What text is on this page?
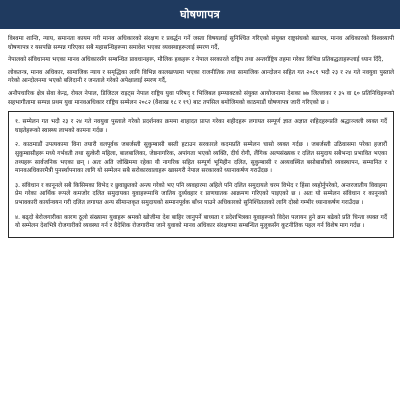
घोषणापत्र

विश्वमा शान्ति, न्याय, समानता कायम गरी मानव अधिकारको संरक्षण र प्रवर्द्धन गर्ने जस्ता विषयलाई सुनिश्चित गरिएको संयुक्त राष्ट्रसंघको बडापत्र, मानव अधिकारको विश्वव्यापी घोषणापत्र र यसपछि सम्पन्न गरिएका सबै महासन्धिहरूमा समावेश भएका व्यवस्थाहरूलाई स्मरण गर्दै,

नेपालको संविधानमा भएका मानव अधिकारसँग सम्बन्धित प्रावधानहरू, मौलिक हकहरू र नेपाल सरकारले राष्ट्रिय तथा अन्तर्राष्ट्रिय तहमा गरेका विभिन्न प्रतिबद्धताहरूलाई ध्यान दिँदै,

लोकतन्त्र, मानव अधिकार, सामाजिक न्याय र समृद्धिका लागि विभिन्न कालखण्डमा भएका राजनीतिक तथा सामाजिक आन्दोलन सहित गत २०८१ भदौ २३ र २४ गते नवयुवा पुस्ताले गरेको आन्दोलनमा भएको बलिदानी र जनताले गरेको अपेक्षालाई स्मरण गर्दै,

अनौपचारिक क्षेत्र सेवा केन्द्र, रोयल नेपाल, डिजिटल राइट्स नेपाल राष्ट्रिय युवा परिषद् र भिजिबल इम्प्याक्टको संयुक्त आयोजनामा देशका ७७ जिल्लाका र ३५ वा ६० प्रतिनिधिहरूको सहभागीतामा सम्पन्न प्रथम युवा मानवअधिकार राष्ट्रिय सम्मेलन २०८२ (वैशाख १८ र १९) बाट तपसिल बमोजिमको काठमाडौं घोषणापत्र जारी गरिएको छ ।

१. सम्मेलन गत भदौ २३ र २४ गते नवयुवा पुस्ताले गरेको प्रदर्शनका क्रममा शाहादत प्राप्त गरेका शहीदहरू लगायत सम्पूर्ण ज्ञात अज्ञात शहिदहरूप्रति श्रद्धाञ्जली व्यक्त गर्दै घाइतेहरूको स्वास्थ्य लाभको कामना गर्दछ ।

२. काठमाडौं उपत्यकामा विना तयारी वलपूर्वक जबर्जस्ती सुकुम्बासी बस्ती हटाउन सरकारले कदमप्रति सम्मेलन चासो व्यक्त गर्दछ । जबर्जस्ती उठिवासमा परेका हजारौं सुकुम्बासीहरू मध्ये गर्भवती तथा सुत्केरी महिला, बालबालिका, जेष्ठनागरिक, अपांगता भएको व्यक्ति, दीर्घ रोगी, लैंगिक अल्पसंख्यक र दलित समुदाय सबैभन्दा प्रभावित भएका तथ्यहरू सार्वजनिक भएका छन् । अतः अति जोखिममा रहेका यी नागरिक सहित सम्पूर्ण भूमिहीन दलित, सुकुम्बासी र अव्यवस्थित बसोबासीको व्यवस्थापन, सम्मानित र मानवअधिकारमैत्री पुनर्स्थापनाका लागि यो सम्मेलन सबै सरोकारवालाहरू खासगरी नेपाल सरकारको ध्यानाकर्षण गराउँदछ ।

३. संविधान र कानूनले सबै किसिमका विभेद र छुवाछुतको अन्त्य गरेको भए पनि व्यवहारमा अहिले पनि दलित समुदायले चरम विभेद र हिंसा व्यहोर्नुपरेको, अन्तरजातीय विवाहमा प्रेम गरेका आर्थिक रूपले कमजोर दलित समुदायका युवाहरूमाथि जातिय दुर्व्यवहार र प्राणघातक आक्रमण गरिएको पाइएको छ । अतः यो सम्मेलन संविधान र कानूनको प्रभावकारी कार्यान्वयन गरी दलित लगायत अन्य सीमान्तकृत समुदायको सम्मानपूर्वक बाँच्न पाउने अधिकारको सुनिश्चितताको लागि दोस्रो गम्भीर ध्यानाकर्षण गराउँदछ ।

४. बढ्दो बेरोजगारीका कारण ठूलो संख्यामा युवाहरू श्रमको खोजीमा देश बाहिर जानुपर्ने बाध्यता र प्रदेशभित्रका युवाहरूको विदेश पलायन हुने क्रम बढेको प्रति चिन्ता व्यक्त गर्दै यो सम्मेलन देशभित्रै रोजगारीको व्यवस्था गर्न र वैदेशिक रोजगारीमा जाने युवाको मानव अधिकार संरक्षणमा सम्बन्धित मुलुकसँग कूटनीतिक पहल गर्न विशेष माग गर्दछ ।
